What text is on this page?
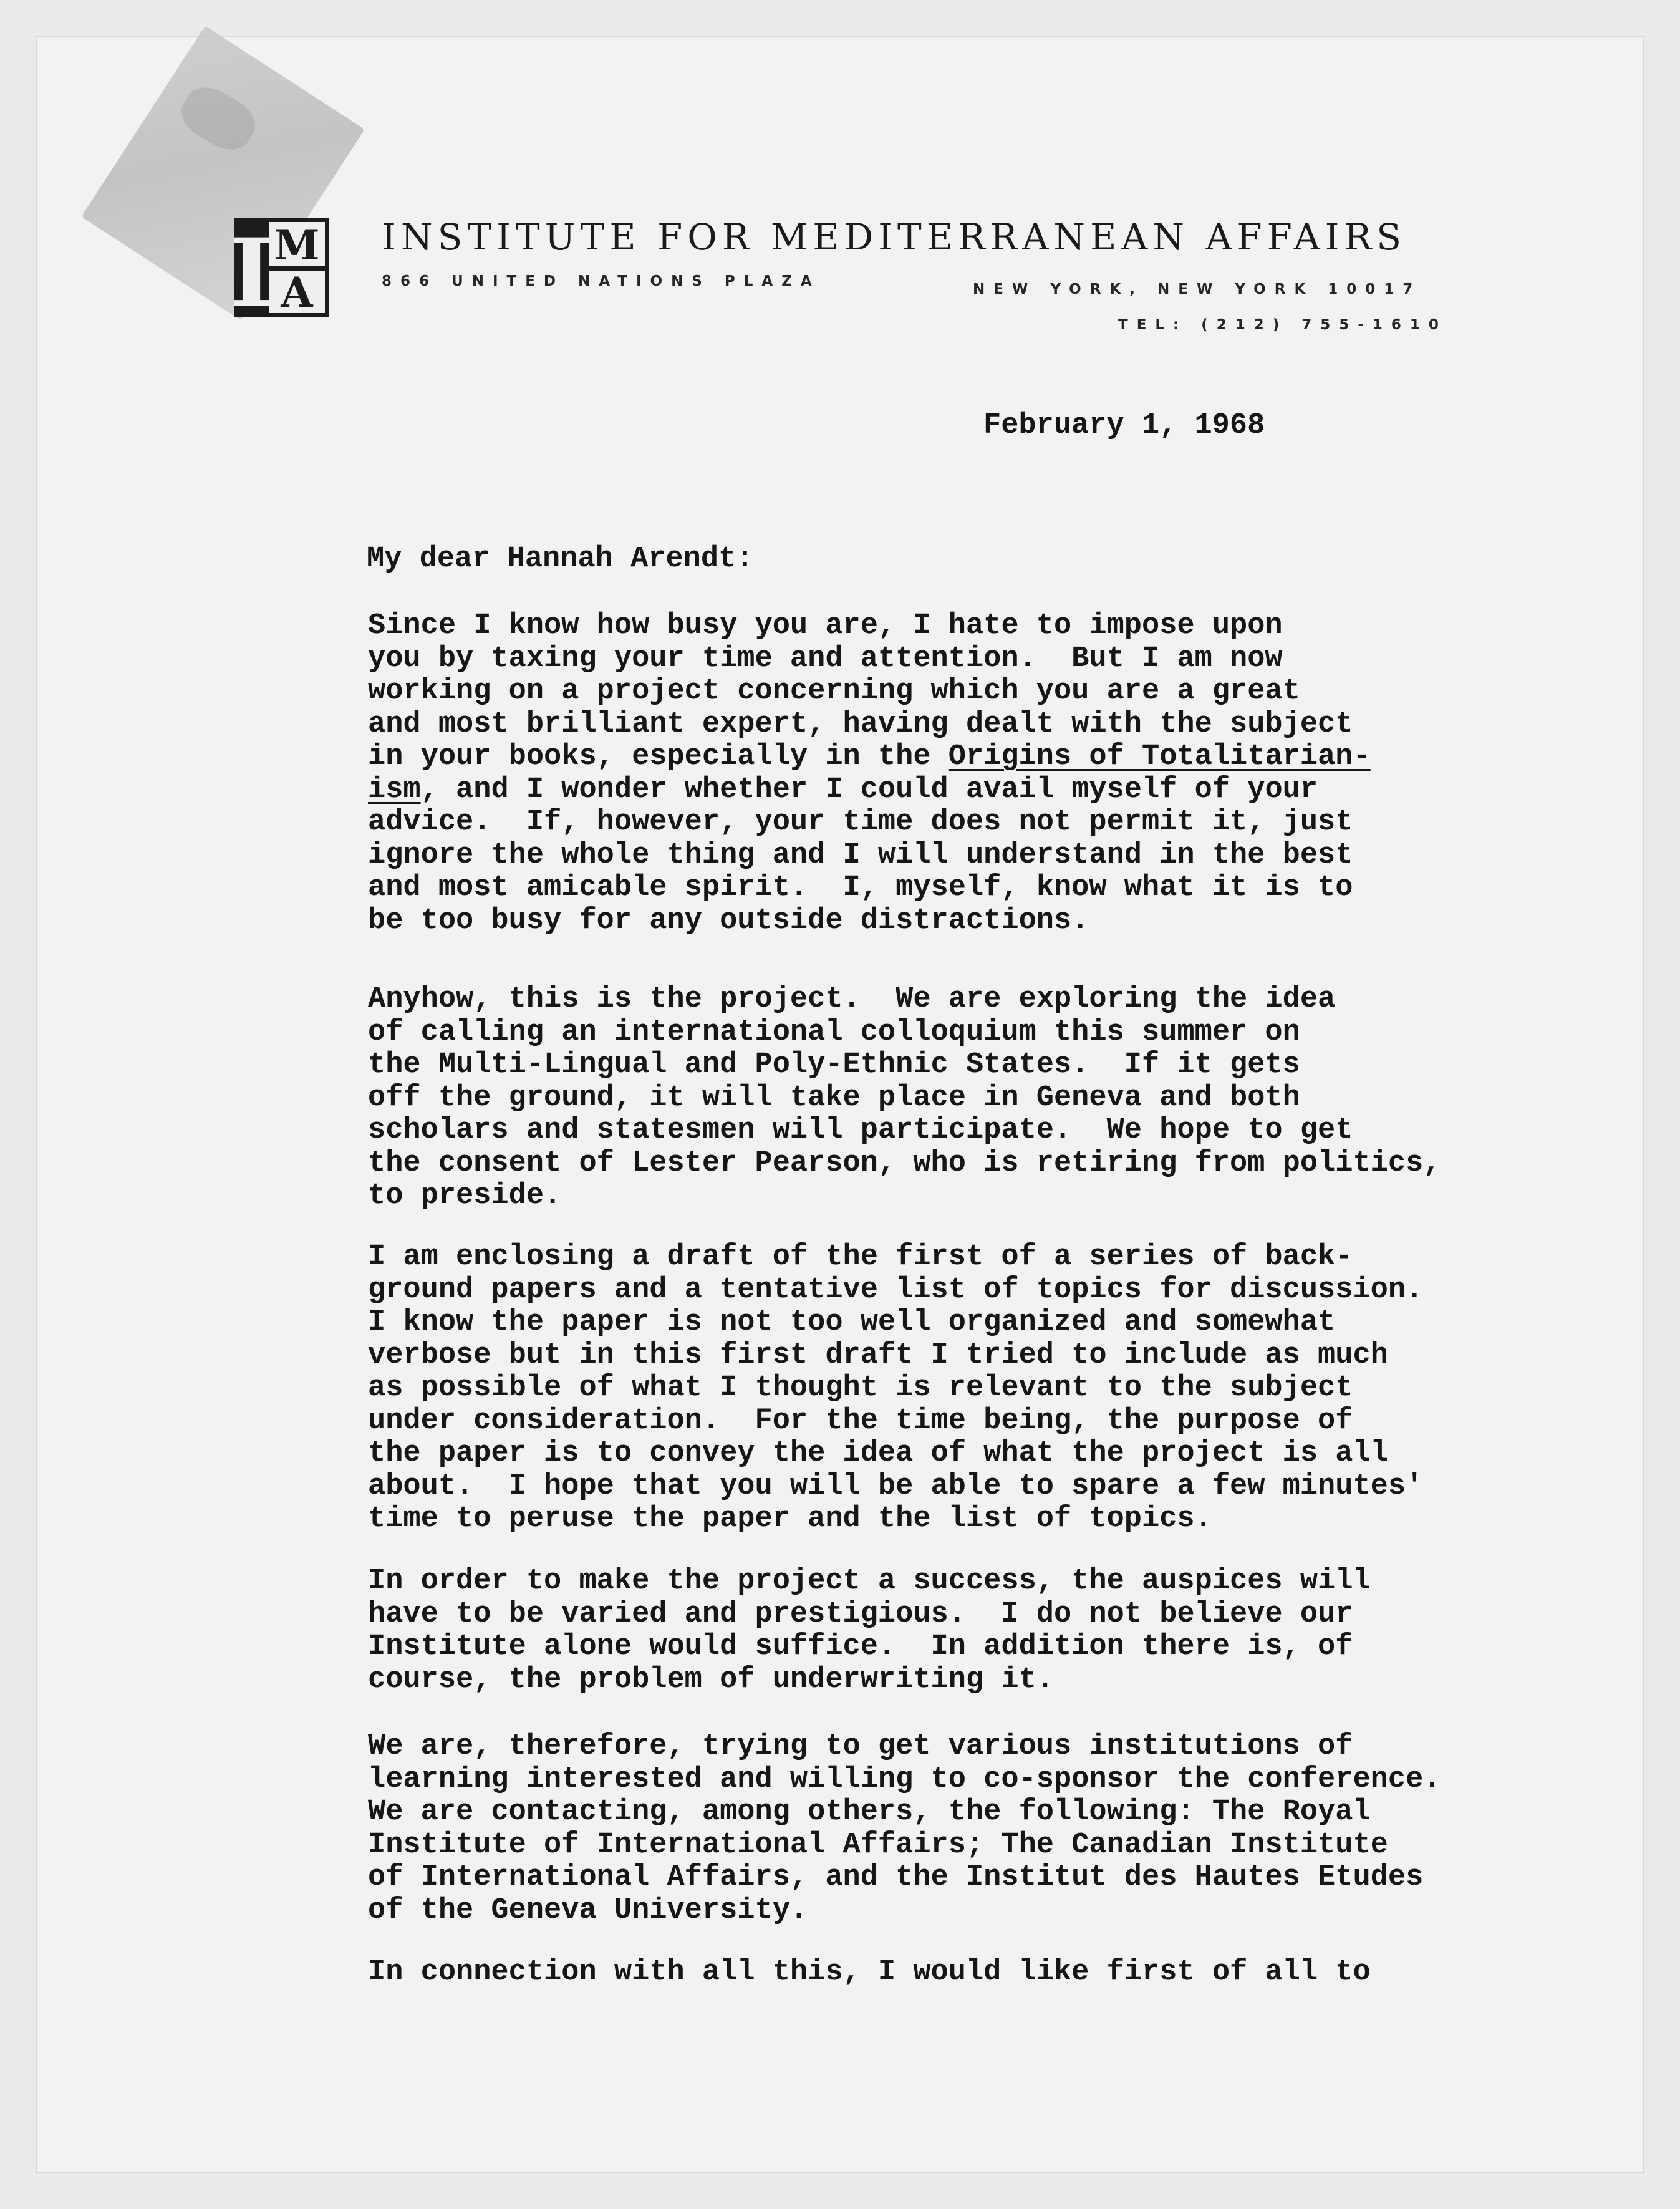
I M
A
INSTITUTE FOR MEDITERRANEAN AFFAIRS
866 UNITED NATIONS PLAZA	NEW YORK, NEW YORK 10017
TEL: (212) 755-1610
February 1, 1968
My dear Hannah Arendt:
Since I know how busy you are, I hate to impose upon
you by taxing your time and attention.  But I am now
working on a project concerning which you are a great
and most brilliant expert, having dealt with the subject
in your books, especially in the Origins of Totalitarian-
ism, and I wonder whether I could avail myself of your
advice.  If, however, your time does not permit it, just
ignore the whole thing and I will understand in the best
and most amicable spirit.  I, myself, know what it is to
be too busy for any outside distractions.
Anyhow, this is the project.  We are exploring the idea
of calling an international colloquium this summer on
the Multi-Lingual and Poly-Ethnic States.  If it gets
off the ground, it will take place in Geneva and both
scholars and statesmen will participate.  We hope to get
the consent of Lester Pearson, who is retiring from politics,
to preside.
I am enclosing a draft of the first of a series of back-
ground papers and a tentative list of topics for discussion.
I know the paper is not too well organized and somewhat
verbose but in this first draft I tried to include as much
as possible of what I thought is relevant to the subject
under consideration.  For the time being, the purpose of
the paper is to convey the idea of what the project is all
about.  I hope that you will be able to spare a few minutes'
time to peruse the paper and the list of topics.
In order to make the project a success, the auspices will
have to be varied and prestigious.  I do not believe our
Institute alone would suffice.  In addition there is, of
course, the problem of underwriting it.
We are, therefore, trying to get various institutions of
learning interested and willing to co-sponsor the conference.
We are contacting, among others, the following: The Royal
Institute of International Affairs; The Canadian Institute
of International Affairs, and the Institut des Hautes Etudes
of the Geneva University.
In connection with all this, I would like first of all to
